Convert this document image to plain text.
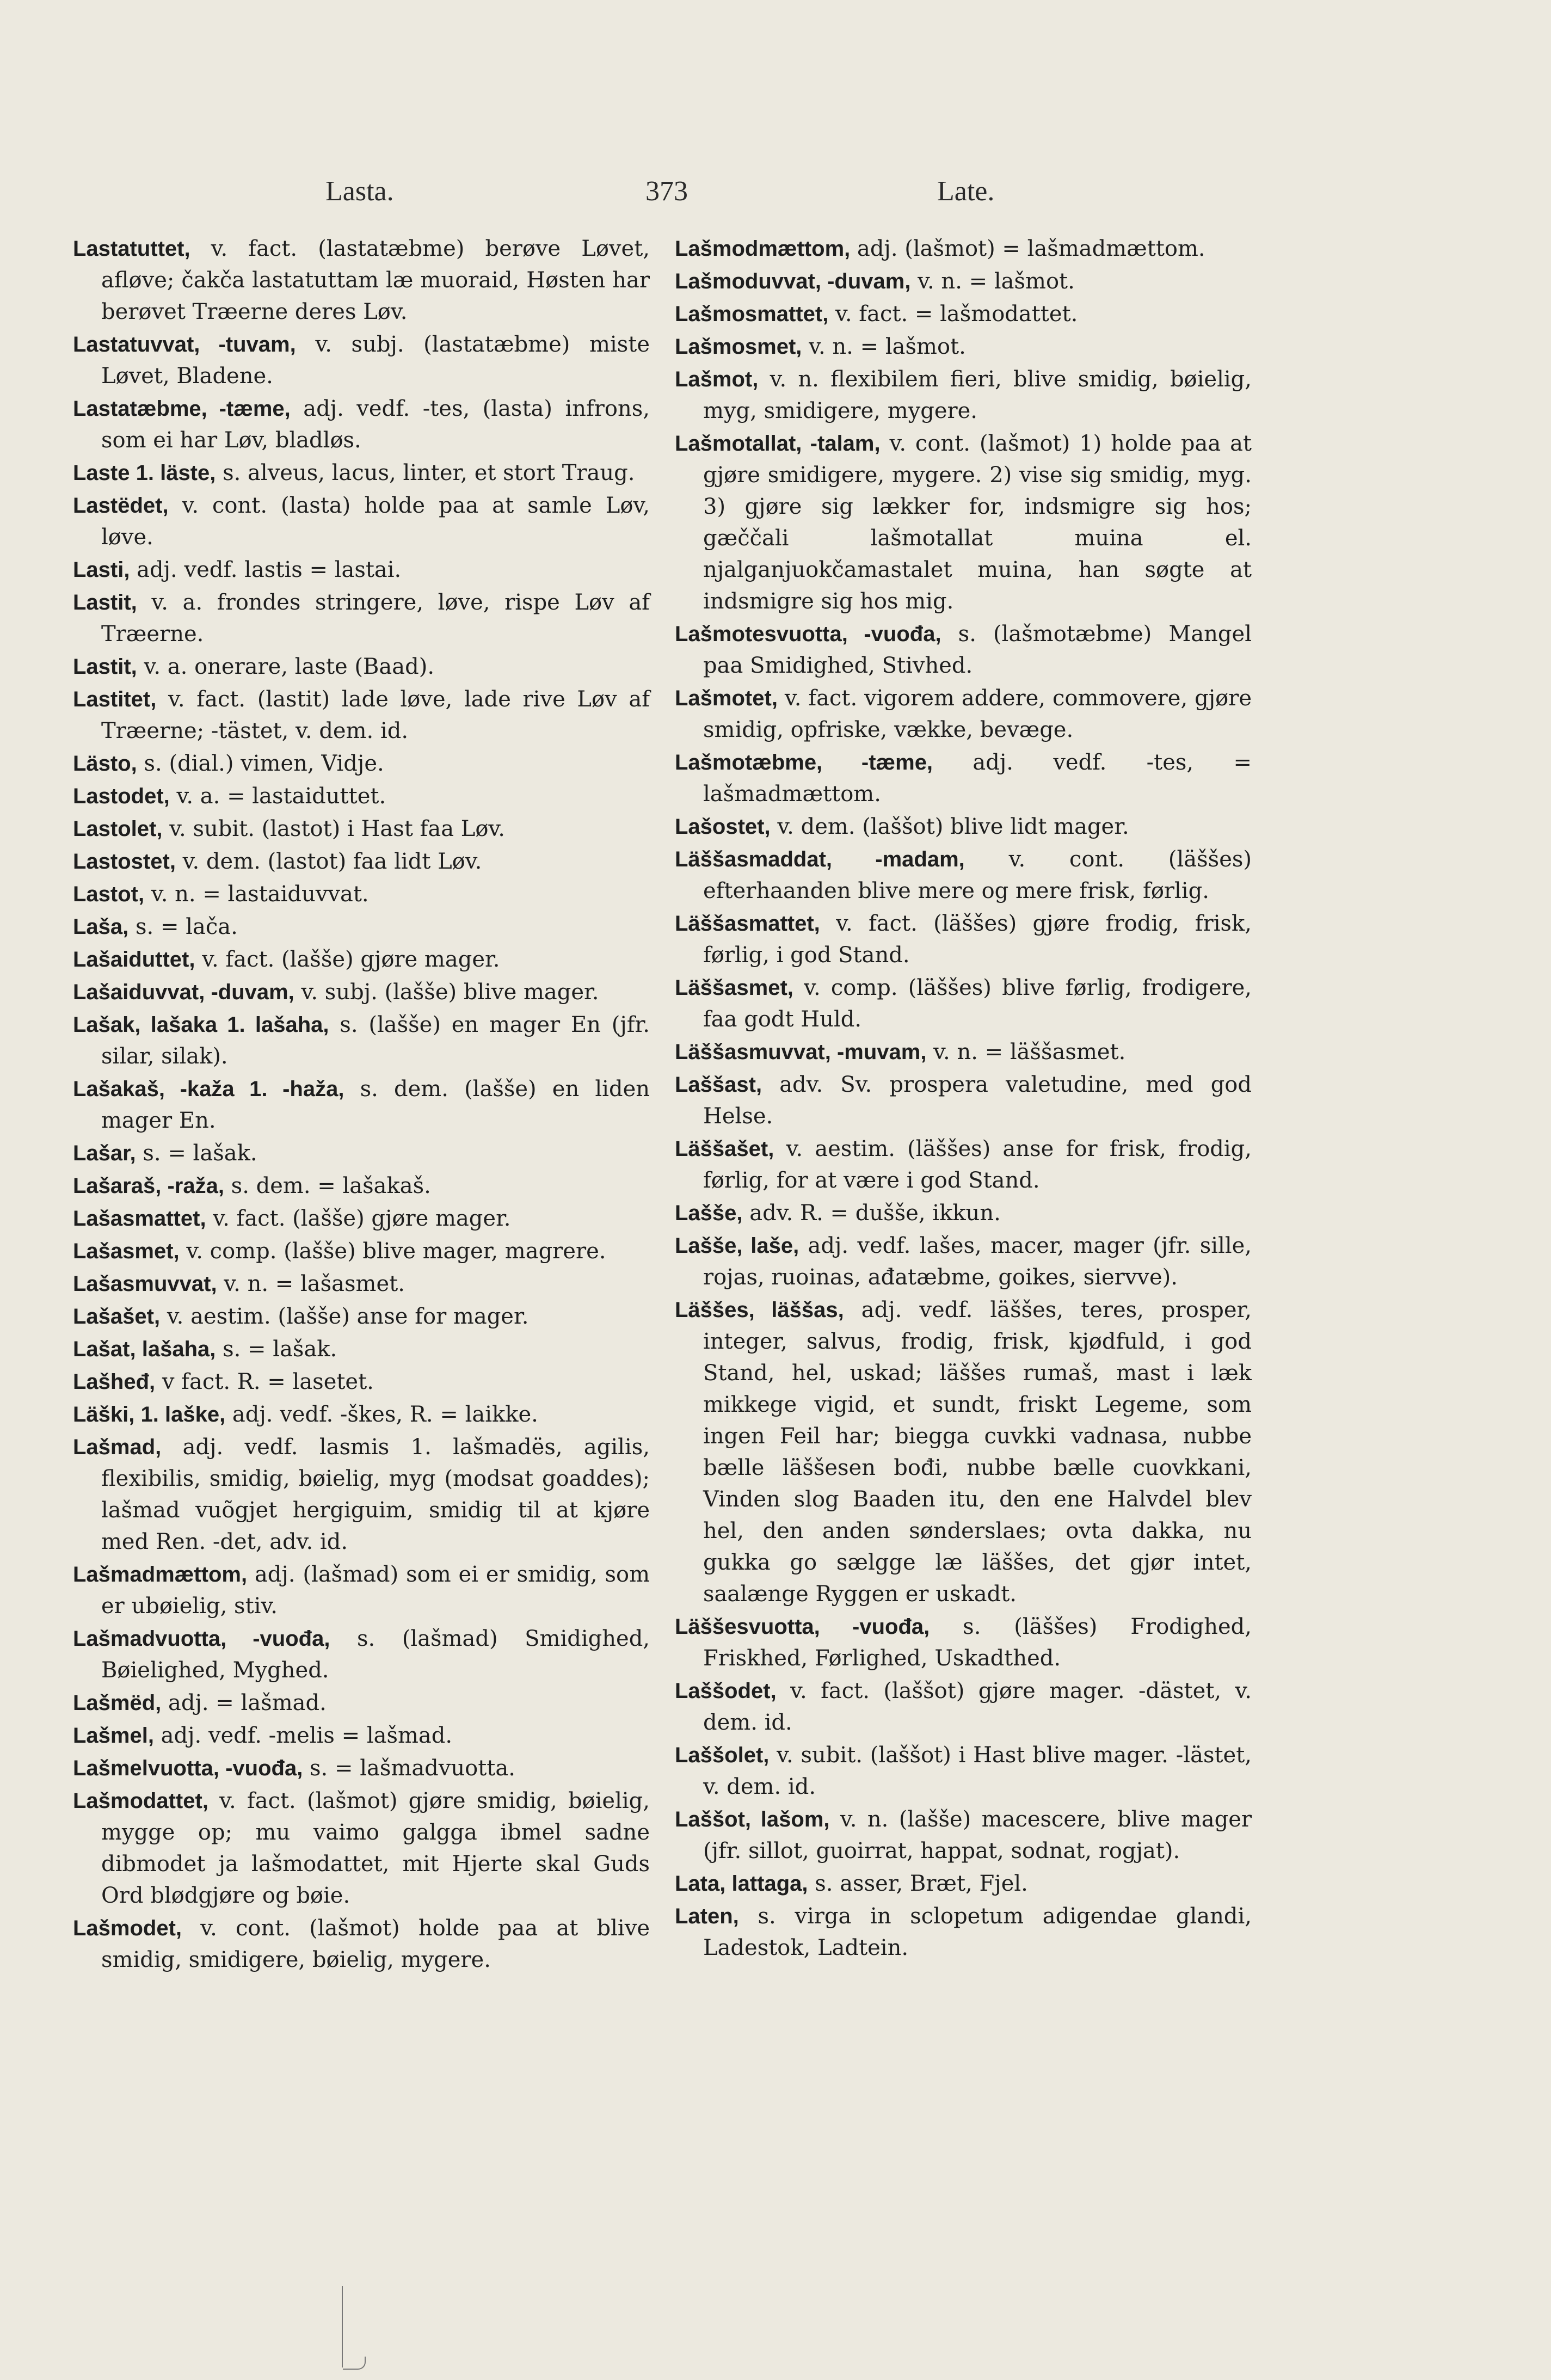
Lasta.	373	Late.

Lastatuttet, v. fact. (lastatæbme) berøve Løvet, afløve; čakča lastatuttam læ muoraid, Høsten har berøvet Træerne deres Løv.

Lastatuvvat, -tuvam, v. subj. (lastatæbme) miste Løvet, Bladene.

Lastatæbme, -tæme, adj. vedf. -tes, (lasta) infrons, som ei har Løv, bladløs.

Laste 1. läste, s. alveus, lacus, linter, et stort Traug.

Lastëdet, v. cont. (lasta) holde paa at samle Løv, løve.

Lasti, adj. vedf. lastis = lastai.

Lastit, v. a. frondes stringere, løve, rispe Løv af Træerne.

Lastit, v. a. onerare, laste (Baad).

Lastitet, v. fact. (lastit) lade løve, lade rive Løv af Træerne; -tästet, v. dem. id.

Lästo, s. (dial.) vimen, Vidje.

Lastodet, v. a. = lastaiduttet.

Lastolet, v. subit. (lastot) i Hast faa Løv.

Lastostet, v. dem. (lastot) faa lidt Løv.

Lastot, v. n. = lastaiduvvat.

Laša, s. = lača.

Lašaiduttet, v. fact. (lašše) gjøre mager.

Lašaiduvvat, -duvam, v. subj. (lašše) blive mager.

Lašak, lašaka 1. lašaha, s. (lašše) en mager En (jfr. silar, silak).

Lašakaš, -kaža 1. -haža, s. dem. (lašše) en liden mager En.

Lašar, s. = lašak.

Lašaraš, -raža, s. dem. = lašakaš.

Lašasmattet, v. fact. (lašše) gjøre mager.

Lašasmet, v. comp. (lašše) blive mager, magrere.

Lašasmuvvat, v. n. = lašasmet.

Lašašet, v. aestim. (lašše) anse for mager.

Lašat, lašaha, s. = lašak.

Lašheđ, v fact. R. = lasetet.

Läški, 1. laške, adj. vedf. -škes, R. = laikke.

Lašmad, adj. vedf. lasmis 1. lašmadës, agilis, flexibilis, smidig, bøielig, myg (modsat goaddes); lašmad vuõgjet hergiguim, smidig til at kjøre med Ren. -det, adv. id.

Lašmadmættom, adj. (lašmad) som ei er smidig, som er ubøielig, stiv.

Lašmadvuotta, -vuođa, s. (lašmad) Smidighed, Bøielighed, Myghed.

Lašmëd, adj. = lašmad.

Lašmel, adj. vedf. -melis = lašmad.

Lašmelvuotta, -vuođa, s. = lašmadvuotta.

Lašmodattet, v. fact. (lašmot) gjøre smidig, bøielig, mygge op; mu vaimo galgga ibmel sadne dibmodet ja lašmodattet, mit Hjerte skal Guds Ord blødgjøre og bøie.

Lašmodet, v. cont. (lašmot) holde paa at blive smidig, smidigere, bøielig, mygere.

Lašmodmættom, adj. (lašmot) = lašmadmættom.

Lašmoduvvat, -duvam, v. n. = lašmot.

Lašmosmattet, v. fact. = lašmodattet.

Lašmosmet, v. n. = lašmot.

Lašmot, v. n. flexibilem fieri, blive smidig, bøielig, myg, smidigere, mygere.

Lašmotallat, -talam, v. cont. (lašmot) 1) holde paa at gjøre smidigere, mygere. 2) vise sig smidig, myg. 3) gjøre sig lækker for, indsmigre sig hos; gæččali lašmotallat muina el. njalganjuokčamastalet muina, han søgte at indsmigre sig hos mig.

Lašmotesvuotta, -vuođa, s. (lašmotæbme) Mangel paa Smidighed, Stivhed.

Lašmotet, v. fact. vigorem addere, commovere, gjøre smidig, opfriske, vække, bevæge.

Lašmotæbme, -tæme, adj. vedf. -tes, = lašmadmættom.

Lašostet, v. dem. (laššot) blive lidt mager.

Läššasmaddat, -madam, v. cont. (läššes) efterhaanden blive mere og mere frisk, førlig.

Läššasmattet, v. fact. (läššes) gjøre frodig, frisk, førlig, i god Stand.

Läššasmet, v. comp. (läššes) blive førlig, frodigere, faa godt Huld.

Läššasmuvvat, -muvam, v. n. = läššasmet.

Laššast, adv. Sv. prospera valetudine, med god Helse.

Läššašet, v. aestim. (läššes) anse for frisk, frodig, førlig, for at være i god Stand.

Lašše, adv. R. = dušše, ikkun.

Lašše, laše, adj. vedf. lašes, macer, mager (jfr. sille, rojas, ruoinas, ađatæbme, goikes, siervve).

Läššes, läššas, adj. vedf. läššes, teres, prosper, integer, salvus, frodig, frisk, kjødfuld, i god Stand, hel, uskad; läššes rumaš, mast i læk mikkege vigid, et sundt, friskt Legeme, som ingen Feil har; biegga cuvkki vadnasa, nubbe bælle läššesen bođi, nubbe bælle cuovkkani, Vinden slog Baaden itu, den ene Halvdel blev hel, den anden sønderslaes; ovta dakka, nu gukka go sælgge læ läššes, det gjør intet, saalænge Ryggen er uskadt.

Läššesvuotta, -vuođa, s. (läššes) Frodighed, Friskhed, Førlighed, Uskadthed.

Laššodet, v. fact. (laššot) gjøre mager. -dästet, v. dem. id.

Laššolet, v. subit. (laššot) i Hast blive mager. -lästet, v. dem. id.

Laššot, lašom, v. n. (lašše) macescere, blive mager (jfr. sillot, guoirrat, happat, sodnat, rogjat).

Lata, lattaga, s. asser, Bræt, Fjel.

Laten, s. virga in sclopetum adigendae glandi, Ladestok, Ladtein.
